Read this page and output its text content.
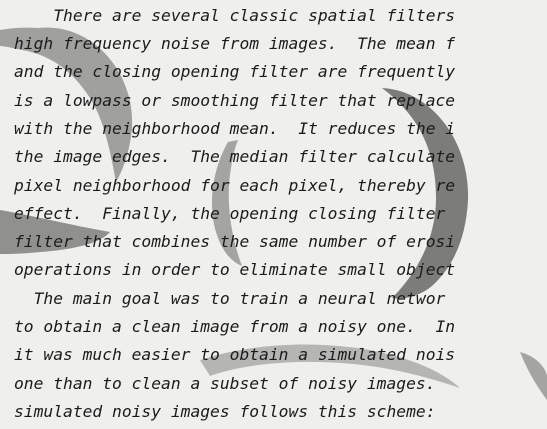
There are several classic spatial filters

high frequency noise from images.  The mean f

and the closing opening filter are frequently

is a lowpass or smoothing filter that replace

with the neighborhood mean.  It reduces the i

the image edges.  The median filter calculate

pixel neighborhood for each pixel, thereby re

effect.  Finally, the opening closing filter

filter that combines the same number of erosi

operations in order to eliminate small object

The main goal was to train a neural networ

to obtain a clean image from a noisy one.  In

it was much easier to obtain a simulated nois

one than to clean a subset of noisy images.

simulated noisy images follows this scheme:
